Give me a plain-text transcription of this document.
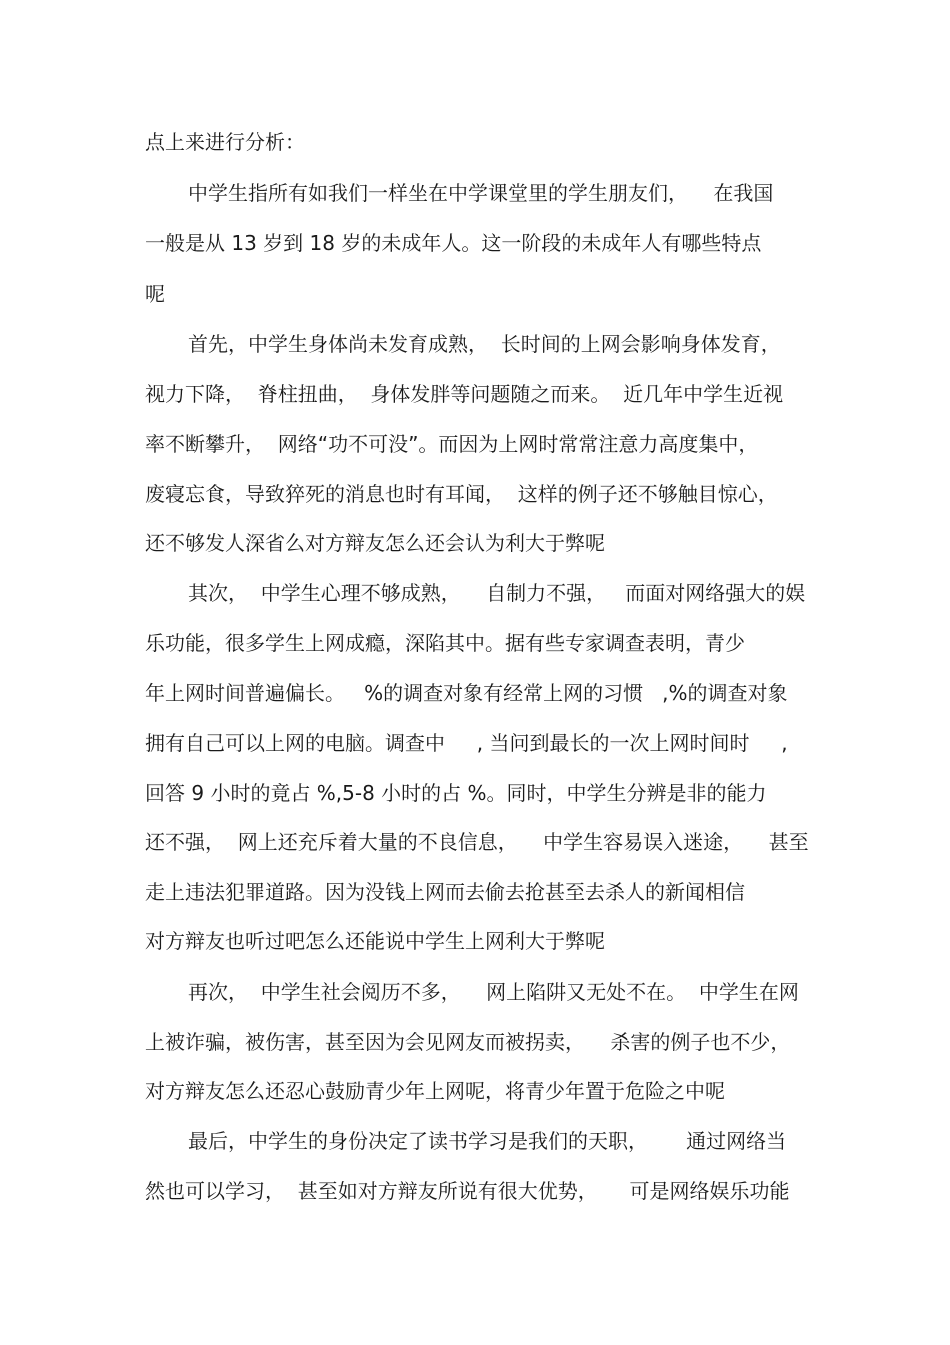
点上来进行分析：
中学生指所有如我们一样坐在中学课堂里的学生朋友们，    在我国
一般是从 13 岁到 18 岁的未成年人。这一阶段的未成年人有哪些特点
呢
首先，中学生身体尚未发育成熟，  长时间的上网会影响身体发育，
视力下降，  脊柱扭曲，  身体发胖等问题随之而来。  近几年中学生近视
率不断攀升，  网络“功不可没”。而因为上网时常常注意力高度集中，
废寝忘食，导致猝死的消息也时有耳闻，  这样的例子还不够触目惊心，
还不够发人深省么对方辩友怎么还会认为利大于弊呢
其次，  中学生心理不够成熟，    自制力不强，   而面对网络强大的娱
乐功能，很多学生上网成瘾，深陷其中。据有些专家调查表明，青少
年上网时间普遍偏长。   %的调查对象有经常上网的习惯   ,%的调查对象
拥有自己可以上网的电脑。调查中     , 当问到最长的一次上网时间时     ,
回答 9 小时的竟占 %,5-8 小时的占 %。同时，中学生分辨是非的能力
还不强，  网上还充斥着大量的不良信息，    中学生容易误入迷途，    甚至
走上违法犯罪道路。因为没钱上网而去偷去抢甚至去杀人的新闻相信
对方辩友也听过吧怎么还能说中学生上网利大于弊呢
再次，  中学生社会阅历不多，    网上陷阱又无处不在。  中学生在网
上被诈骗，被伤害，甚至因为会见网友而被拐卖，    杀害的例子也不少，
对方辩友怎么还忍心鼓励青少年上网呢，将青少年置于危险之中呢
最后，中学生的身份决定了读书学习是我们的天职，      通过网络当
然也可以学习，  甚至如对方辩友所说有很大优势，     可是网络娱乐功能
